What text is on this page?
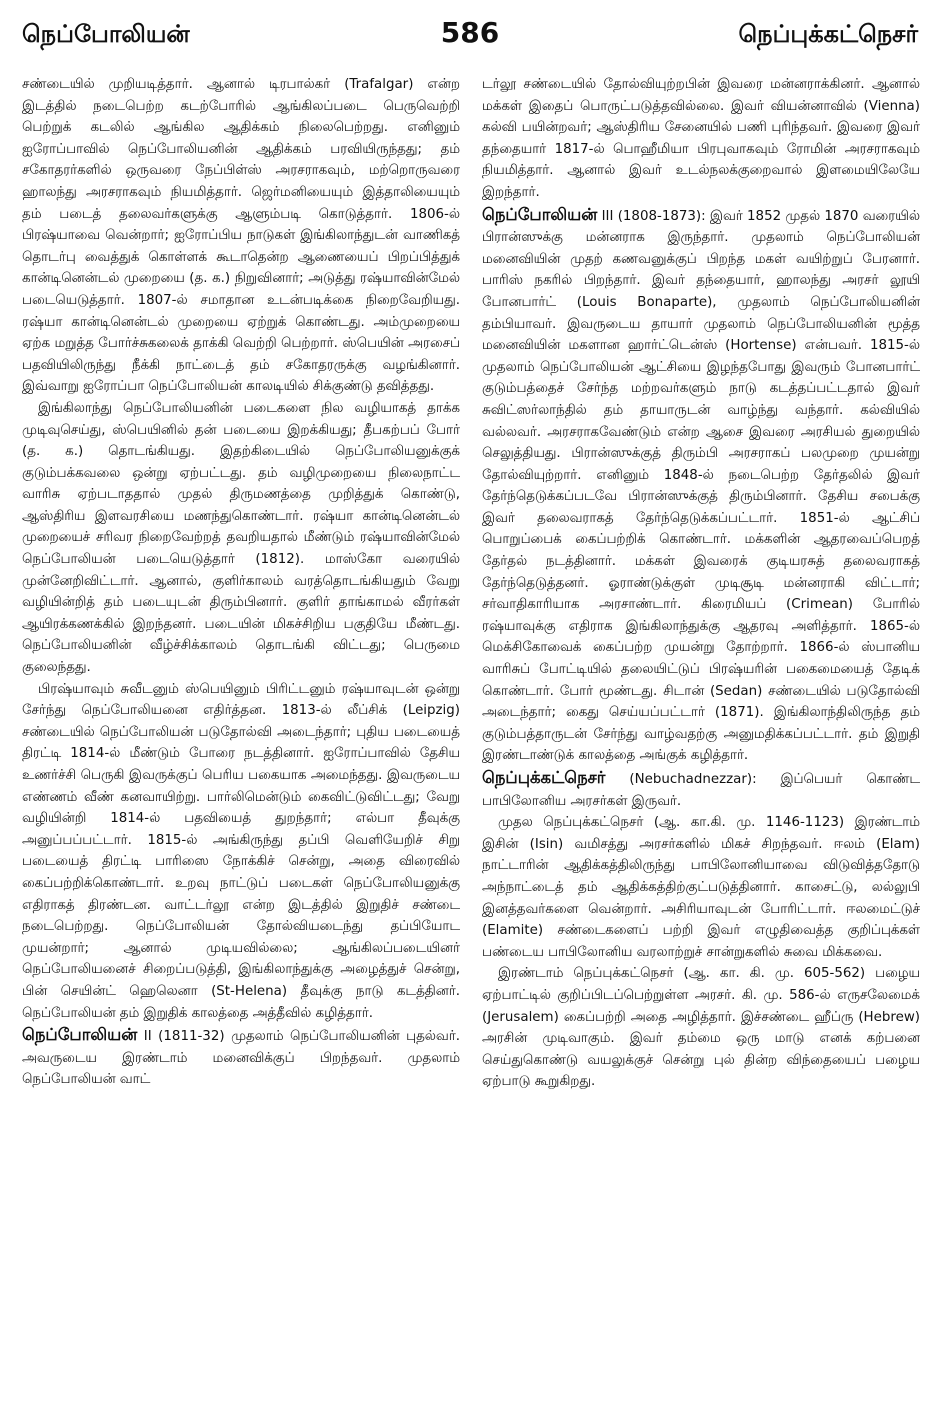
நெப்போலியன்	586	நெப்புக்கட்நெசர்

சண்டையில் முறியடித்தார். ஆனால் டிரபால்கர் (Trafalgar) என்ற இடத்தில் நடைபெற்ற கடற்போரில் ஆங்கிலப்படை பெருவெற்றி பெற்றுக் கடலில் ஆங்கில ஆதிக்கம் நிலைபெற்றது. எனினும் ஐரோப்பாவில் நெப்போலியனின் ஆதிக்கம் பரவியிருந்தது; தம் சகோதரர்களில் ஒருவரை நேப்பிள்ஸ் அரசராகவும், மற்றொருவரை ஹாலந்து அரசராகவும் நியமித்தார். ஜெர்மனியையும் இத்தாலியையும் தம் படைத் தலைவர்களுக்கு ஆளும்படி கொடுத்தார். 1806-ல் பிரஷ்யாவை வென்றார்; ஐரோப்பிய நாடுகள் இங்கிலாந்துடன் வாணிகத் தொடர்பு வைத்துக் கொள்ளக் கூடாதென்ற ஆணையைப் பிறப்பித்துக் கான்டினென்டல் முறையை (த. க.) நிறுவினார்; அடுத்து ரஷ்யாவின்மேல் படையெடுத்தார். 1807-ல் சமாதான உடன்படிக்கை நிறைவேறியது. ரஷ்யா கான்டினென்டல் முறையை ஏற்றுக் கொண்டது. அம்முறையை ஏற்க மறுத்த போர்ச்சுகலைக் தாக்கி வெற்றி பெற்றார். ஸ்பெயின் அரசைப் பதவியிலிருந்து நீக்கி நாட்டைத் தம் சகோதரருக்கு வழங்கினார். இவ்வாறு ஐரோப்பா நெப்போலியன் காலடியில் சிக்குண்டு தவித்தது.

இங்கிலாந்து நெப்போலியனின் படைகளை நில வழியாகத் தாக்க முடிவுசெய்து, ஸ்பெயினில் தன் படையை இறக்கியது; தீபகற்பப் போர் (த. க.) தொடங்கியது. இதற்கிடையில் நெப்போலியனுக்குக் குடும்பக்கவலை ஒன்று ஏற்பட்டது. தம் வழிமுறையை நிலைநாட்ட வாரிசு ஏற்படாததால் முதல் திருமணத்தை முறித்துக் கொண்டு, ஆஸ்திரிய இளவரசியை மணந்துகொண்டார். ரஷ்யா கான்டினென்டல் முறையைச் சரிவர நிறைவேற்றத் தவறியதால் மீண்டும் ரஷ்யாவின்மேல் நெப்போலியன் படையெடுத்தார் (1812). மாஸ்கோ வரையில் முன்னேறிவிட்டார். ஆனால், குளிர்காலம் வரத்தொடங்கியதும் வேறு வழியின்றித் தம் படையுடன் திரும்பினார். குளிர் தாங்காமல் வீரர்கள் ஆயிரக்கணக்கில் இறந்தனர். படையின் மிகச்சிறிய பகுதியே மீண்டது. நெப்போலியனின் வீழ்ச்சிக்காலம் தொடங்கி விட்டது; பெருமை குலைந்தது.

பிரஷ்யாவும் சுவீடனும் ஸ்பெயினும் பிரிட்டனும் ரஷ்யாவுடன் ஒன்று சேர்ந்து நெப்போலியனை எதிர்த்தன. 1813-ல் லீப்சிக் (Leipzig) சண்டையில் நெப்போலியன் படுதோல்வி அடைந்தார்; புதிய படையைத் திரட்டி 1814-ல் மீண்டும் போரை நடத்தினார். ஐரோப்பாவில் தேசிய உணர்ச்சி பெருகி இவருக்குப் பெரிய பகையாக அமைந்தது. இவருடைய எண்ணம் வீண் கனவாயிற்று. பார்லிமென்டும் கைவிட்டுவிட்டது; வேறு வழியின்றி 1814-ல் பதவியைத் துறந்தார்; எல்பா தீவுக்கு அனுப்பப்பட்டார். 1815-ல் அங்கிருந்து தப்பி வெளியேறிச் சிறு படையைத் திரட்டி பாரிஸை நோக்கிச் சென்று, அதை விரைவில் கைப்பற்றிக்கொண்டார். உறவு நாட்டுப் படைகள் நெப்போலியனுக்கு எதிராகத் திரண்டன. வாட்டர்லூ என்ற இடத்தில் இறுதிச் சண்டை நடைபெற்றது. நெப்போலியன் தோல்வியடைந்து தப்பியோட முயன்றார்; ஆனால் முடியவில்லை; ஆங்கிலப்படையினர் நெப்போலியனைச் சிறைப்படுத்தி, இங்கிலாந்துக்கு அழைத்துச் சென்று, பின் செயின்ட் ஹெலெனா (St-Helena) தீவுக்கு நாடு கடத்தினர். நெப்போலியன் தம் இறுதிக் காலத்தை அத்தீவில் கழித்தார்.

நெப்போலியன் II (1811-32) முதலாம் நெப்போலியனின் புதல்வர். அவருடைய இரண்டாம் மனைவிக்குப் பிறந்தவர். முதலாம் நெப்போலியன் வாட்

டர்லூ சண்டையில் தோல்வியுற்றபின் இவரை மன்னராக்கினர். ஆனால் மக்கள் இதைப் பொருட்படுத்தவில்லை. இவர் வியன்னாவில் (Vienna) கல்வி பயின்றவர்; ஆஸ்திரிய சேனையில் பணி புரிந்தவர். இவரை இவர் தந்தையார் 1817-ல் பொஹீமியா பிரபுவாகவும் ரோமின் அரசராகவும் நியமித்தார். ஆனால் இவர் உடல்நலக்குறைவால் இளமையிலேயே இறந்தார்.

நெப்போலியன் III (1808-1873): இவர் 1852 முதல் 1870 வரையில் பிரான்ஸுக்கு மன்னராக இருந்தார். முதலாம் நெப்போலியன் மனைவியின் முதற் கணவனுக்குப் பிறந்த மகள் வயிற்றுப் பேரனார். பாரிஸ் நகரில் பிறந்தார். இவர் தந்தையார், ஹாலந்து அரசர் லூயி போனபார்ட் (Louis Bonaparte), முதலாம் நெப்போலியனின் தம்பியாவர். இவருடைய தாயார் முதலாம் நெப்போலியனின் மூத்த மனைவியின் மகளான ஹார்ட்டென்ஸ் (Hortense) என்பவர். 1815-ல் முதலாம் நெப்போலியன் ஆட்சியை இழந்தபோது இவரும் போனபார்ட் குடும்பத்தைச் சேர்ந்த மற்றவர்களும் நாடு கடத்தப்பட்டதால் இவர் சுவிட்ஸர்லாந்தில் தம் தாயாருடன் வாழ்ந்து வந்தார். கல்வியில் வல்லவர். அரசராகவேண்டும் என்ற ஆசை இவரை அரசியல் துறையில் செலுத்தியது. பிரான்ஸுக்குத் திரும்பி அரசராகப் பலமுறை முயன்று தோல்வியுற்றார். எனினும் 1848-ல் நடைபெற்ற தேர்தலில் இவர் தேர்ந்தெடுக்கப்படவே பிரான்ஸுக்குத் திரும்பினார். தேசிய சபைக்கு இவர் தலைவராகத் தேர்ந்தெடுக்கப்பட்டார். 1851-ல் ஆட்சிப் பொறுப்பைக் கைப்பற்றிக் கொண்டார். மக்களின் ஆதரவைப்பெறத் தேர்தல் நடத்தினார். மக்கள் இவரைக் குடியரசுத் தலைவராகத் தேர்ந்தெடுத்தனர். ஓராண்டுக்குள் முடிசூடி மன்னராகி விட்டார்; சர்வாதிகாரியாக அரசாண்டார். கிரைமியப் (Crimean) போரில் ரஷ்யாவுக்கு எதிராக இங்கிலாந்துக்கு ஆதரவு அளித்தார். 1865-ல் மெக்சிகோவைக் கைப்பற்ற முயன்று தோற்றார். 1866-ல் ஸ்பானிய வாரிசுப் போட்டியில் தலையிட்டுப் பிரஷ்யரின் பகைமையைத் தேடிக் கொண்டார். போர் மூண்டது. சிடான் (Sedan) சண்டையில் படுதோல்வி அடைந்தார்; கைது செய்யப்பட்டார் (1871). இங்கிலாந்திலிருந்த தம் குடும்பத்தாருடன் சேர்ந்து வாழ்வதற்கு அனுமதிக்கப்பட்டார். தம் இறுதி இரண்டாண்டுக் காலத்தை அங்குக் கழித்தார்.

நெப்புக்கட்நெசர் (Nebuchadnezzar): இப்பெயர் கொண்ட பாபிலோனிய அரசர்கள் இருவர்.

முதல நெப்புக்கட்நெசர் (ஆ. கா.கி. மு. 1146-1123) இரண்டாம் இசின் (Isin) வமிசத்து அரசர்களில் மிகச் சிறந்தவர். ஈலம் (Elam) நாட்டாரின் ஆதிக்கத்திலிருந்து பாபிலோனியாவை விடுவித்ததோடு அந்நாட்டைத் தம் ஆதிக்கத்திற்குட்படுத்தினார். காசைட்டு, லல்லுபி இனத்தவர்களை வென்றார். அசிரியாவுடன் போரிட்டார். ஈலமைட்டுச் (Elamite) சண்டைகளைப் பற்றி இவர் எழுதிவைத்த குறிப்புக்கள் பண்டைய பாபிலோனிய வரலாற்றுச் சான்றுகளில் சுவை மிக்கவை.

இரண்டாம் நெப்புக்கட்நெசர் (ஆ. கா. கி. மு. 605-562) பழைய ஏற்பாட்டில் குறிப்பிடப்பெற்றுள்ள அரசர். கி. மு. 586-ல் எருசலேமைக் (Jerusalem) கைப்பற்றி அதை அழித்தார். இச்சண்டை ஹீப்ரு (Hebrew) அரசின் முடிவாகும். இவர் தம்மை ஒரு மாடு எனக் கற்பனை செய்துகொண்டு வயலுக்குச் சென்று புல் தின்ற விந்தையைப் பழைய ஏற்பாடு கூறுகிறது.
